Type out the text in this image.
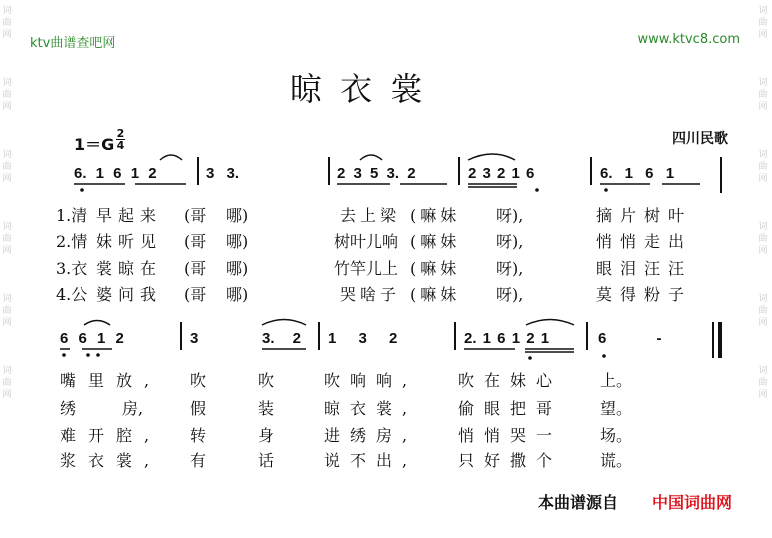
ktv曲谱查吧网	www.ktvc8.com
词
曲
网
词
曲
网
词
曲
网
词
曲
网
词
曲
网
词
曲
网
词
曲
网
词
曲
网
词
曲
网
词
曲
网
词
曲
网
词
曲
网
晾 衣 裳
1＝G
2
4	四川民歌
6. 1 6 1 2	3 3.	2 3 5 3. 2	2 3 2 1 6	6. 1 6 1
1.清 早起来 (哥 哪)	去上梁 (嘛妹 呀),	摘片树叶
2.情 妹听见 (哥 哪)	树叶儿响 (嘛妹 呀),	悄悄走出
3.衣 裳晾在 (哥 哪)	竹竿儿上 (嘛妹 呀),	眼泪汪汪
4.公 婆问我 (哥 哪)	哭啥子 (嘛妹 呀),	莫得粉子
6 6 1 2	3	3. 2 1 3 2	2. 1 6 1 2 1	6 -
嘴里放, 吹	吹	吹响响,	吹在妹心 上。
绣	房,	假	装	晾衣裳,	偷眼把哥 望。
难开腔, 转	身	进绣房,	悄悄哭一 场。
浆衣裳, 有	话	说不出,	只好撒个 谎。
本曲谱源自 中国词曲网
